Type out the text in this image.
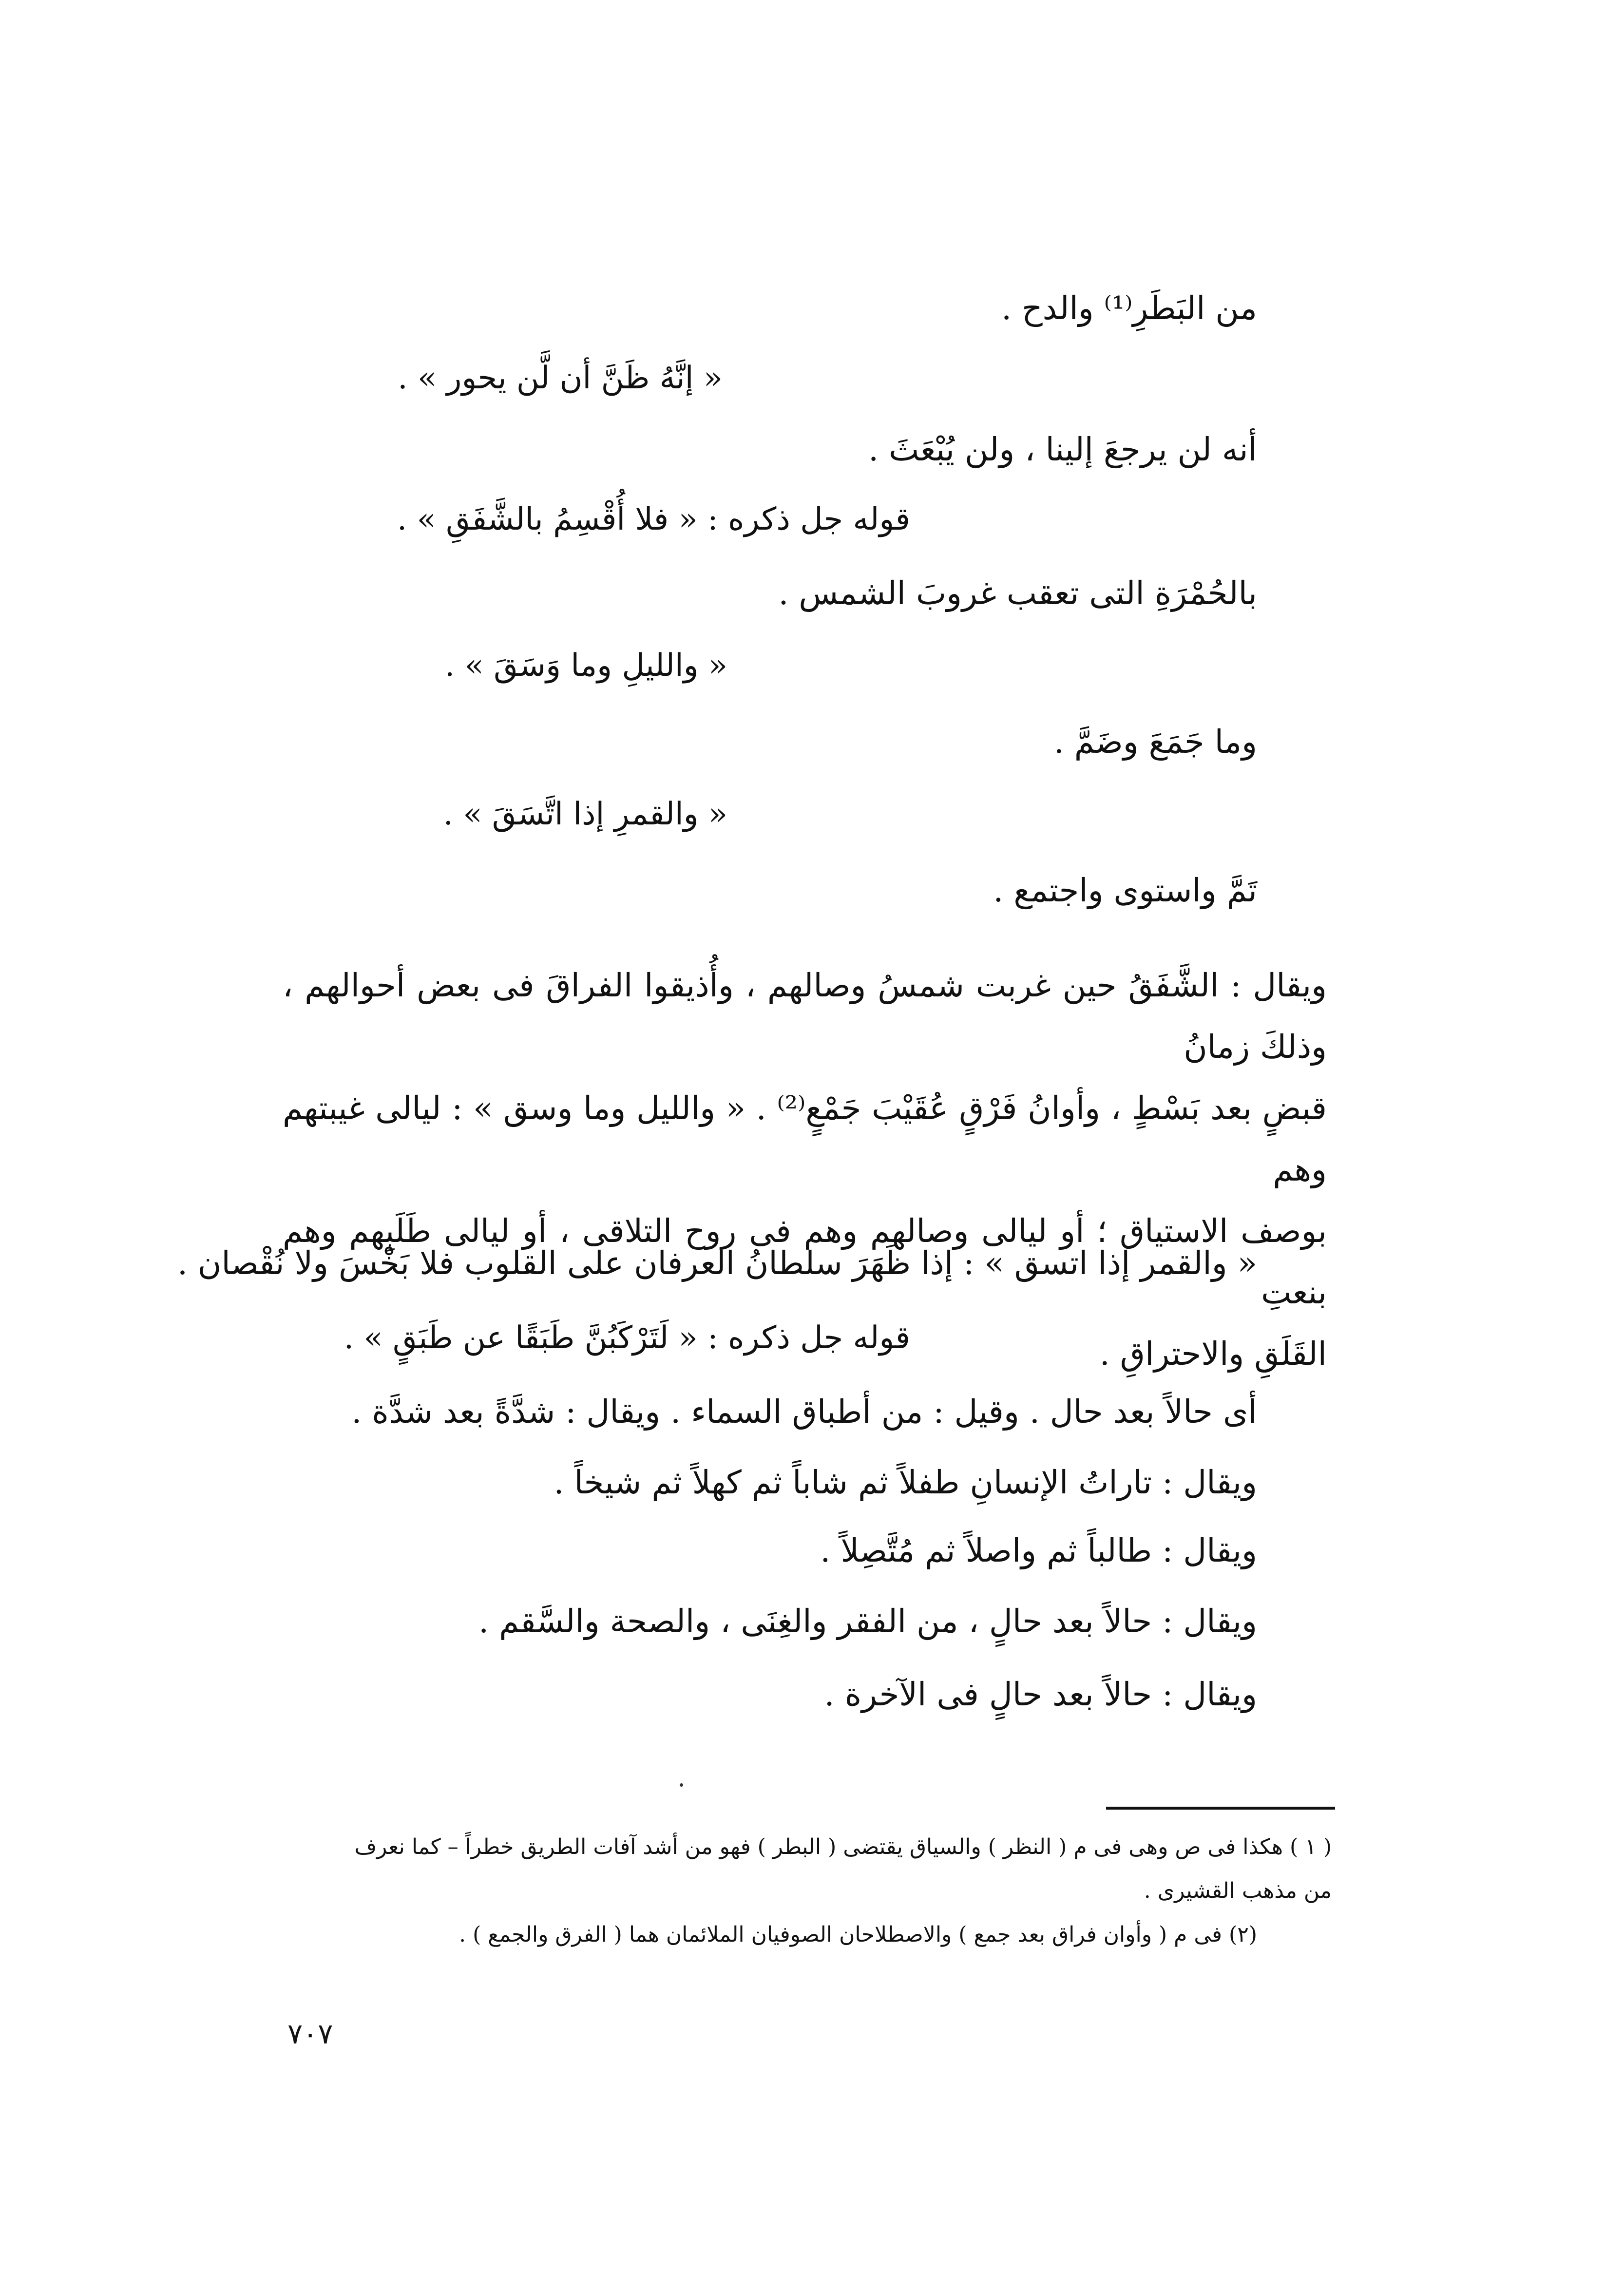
من البَطَرِ⁽¹⁾ والدح .
« إنَّهُ ظَنَّ أن لَّن يحور » .
أنه لن يرجعَ إلينا ، ولن يُبْعَثَ .
قوله جل ذكره : « فلا أُقْسِمُ بالشَّفَقِ » .
بالحُمْرَةِ التى تعقب غروبَ الشمس .
« والليلِ وما وَسَقَ » .
وما جَمَعَ وضَمَّ .
« والقمرِ إذا اتَّسَقَ » .
تَمَّ واستوى واجتمع .
ويقال : الشَّفَقُ حين غربت شمسُ وصالهم ، وأُذيقوا الفراقَ فى بعض أحوالهم ، وذلكَ زمانُ
قبضٍ بعد بَسْطٍ ، وأوانُ فَرْقٍ عُقَيْبَ جَمْعٍ⁽²⁾ . « والليل وما وسق » : ليالى غيبتهم وهم
بوصف الاستياق ؛ أو ليالى وصالهم وهم فى روح التلاقى ، أو ليالى طَلَبِهم وهم بنعتِ
القَلَقِ والاحتراقِ .
« والقمر إذا اتسق » : إذا ظَهَرَ سلطانُ العرفان على القلوب فلا بَخْسَ ولا نُقْصان .
قوله جل ذكره : « لَتَرْكَبُنَّ طَبَقًا عن طَبَقٍ » .
أى حالاً بعد حال . وقيل : من أطباق السماء . ويقال : شدَّةً بعد شدَّة .
ويقال : تاراتُ الإنسانِ طفلاً ثم شاباً ثم كهلاً ثم شيخاً .
ويقال : طالباً ثم واصلاً ثم مُتَّصِلاً .
ويقال : حالاً بعد حالٍ ، من الفقر والغِنَى ، والصحة والسَّقم .
ويقال : حالاً بعد حالٍ فى الآخرة .
( ١ ) هكذا فى ص وهى فى م ( النظر ) والسياق يقتضى ( البطر ) فهو من أشد آفات الطريق خطراً – كما نعرف
من مذهب القشيرى .
(٢) فى م ( وأوان فراق بعد جمع ) والاصطلاحان الصوفيان الملائمان هما ( الفرق والجمع ) .
٧٠٧
